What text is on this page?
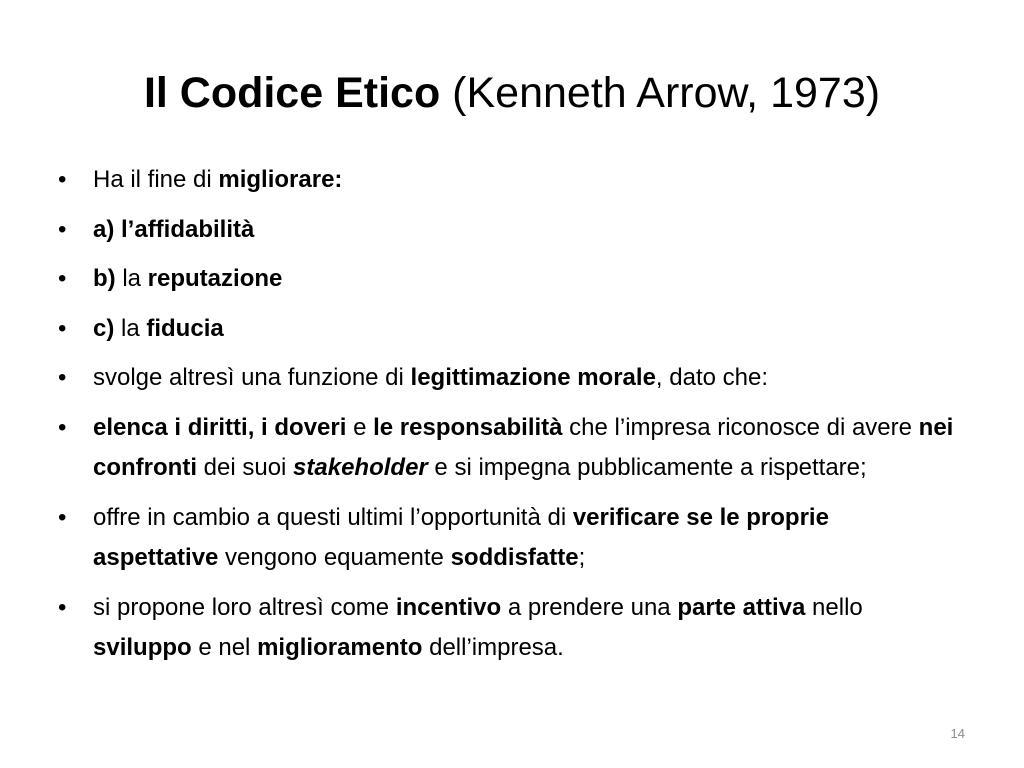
Il Codice Etico (Kenneth Arrow, 1973)
• Ha il fine di migliorare:
• a) l’affidabilità
• b) la reputazione
• c) la fiducia
• svolge altresì una funzione di legittimazione morale, dato che:
• elenca i diritti, i doveri e le responsabilità che l’impresa riconosce di avere nei confronti dei suoi stakeholder e si impegna pubblicamente a rispettare;
• offre in cambio a questi ultimi l’opportunità di verificare se le proprie aspettative vengono equamente soddisfatte;
• si propone loro altresì come incentivo a prendere una parte attiva nello sviluppo e nel miglioramento dell’impresa.
14
